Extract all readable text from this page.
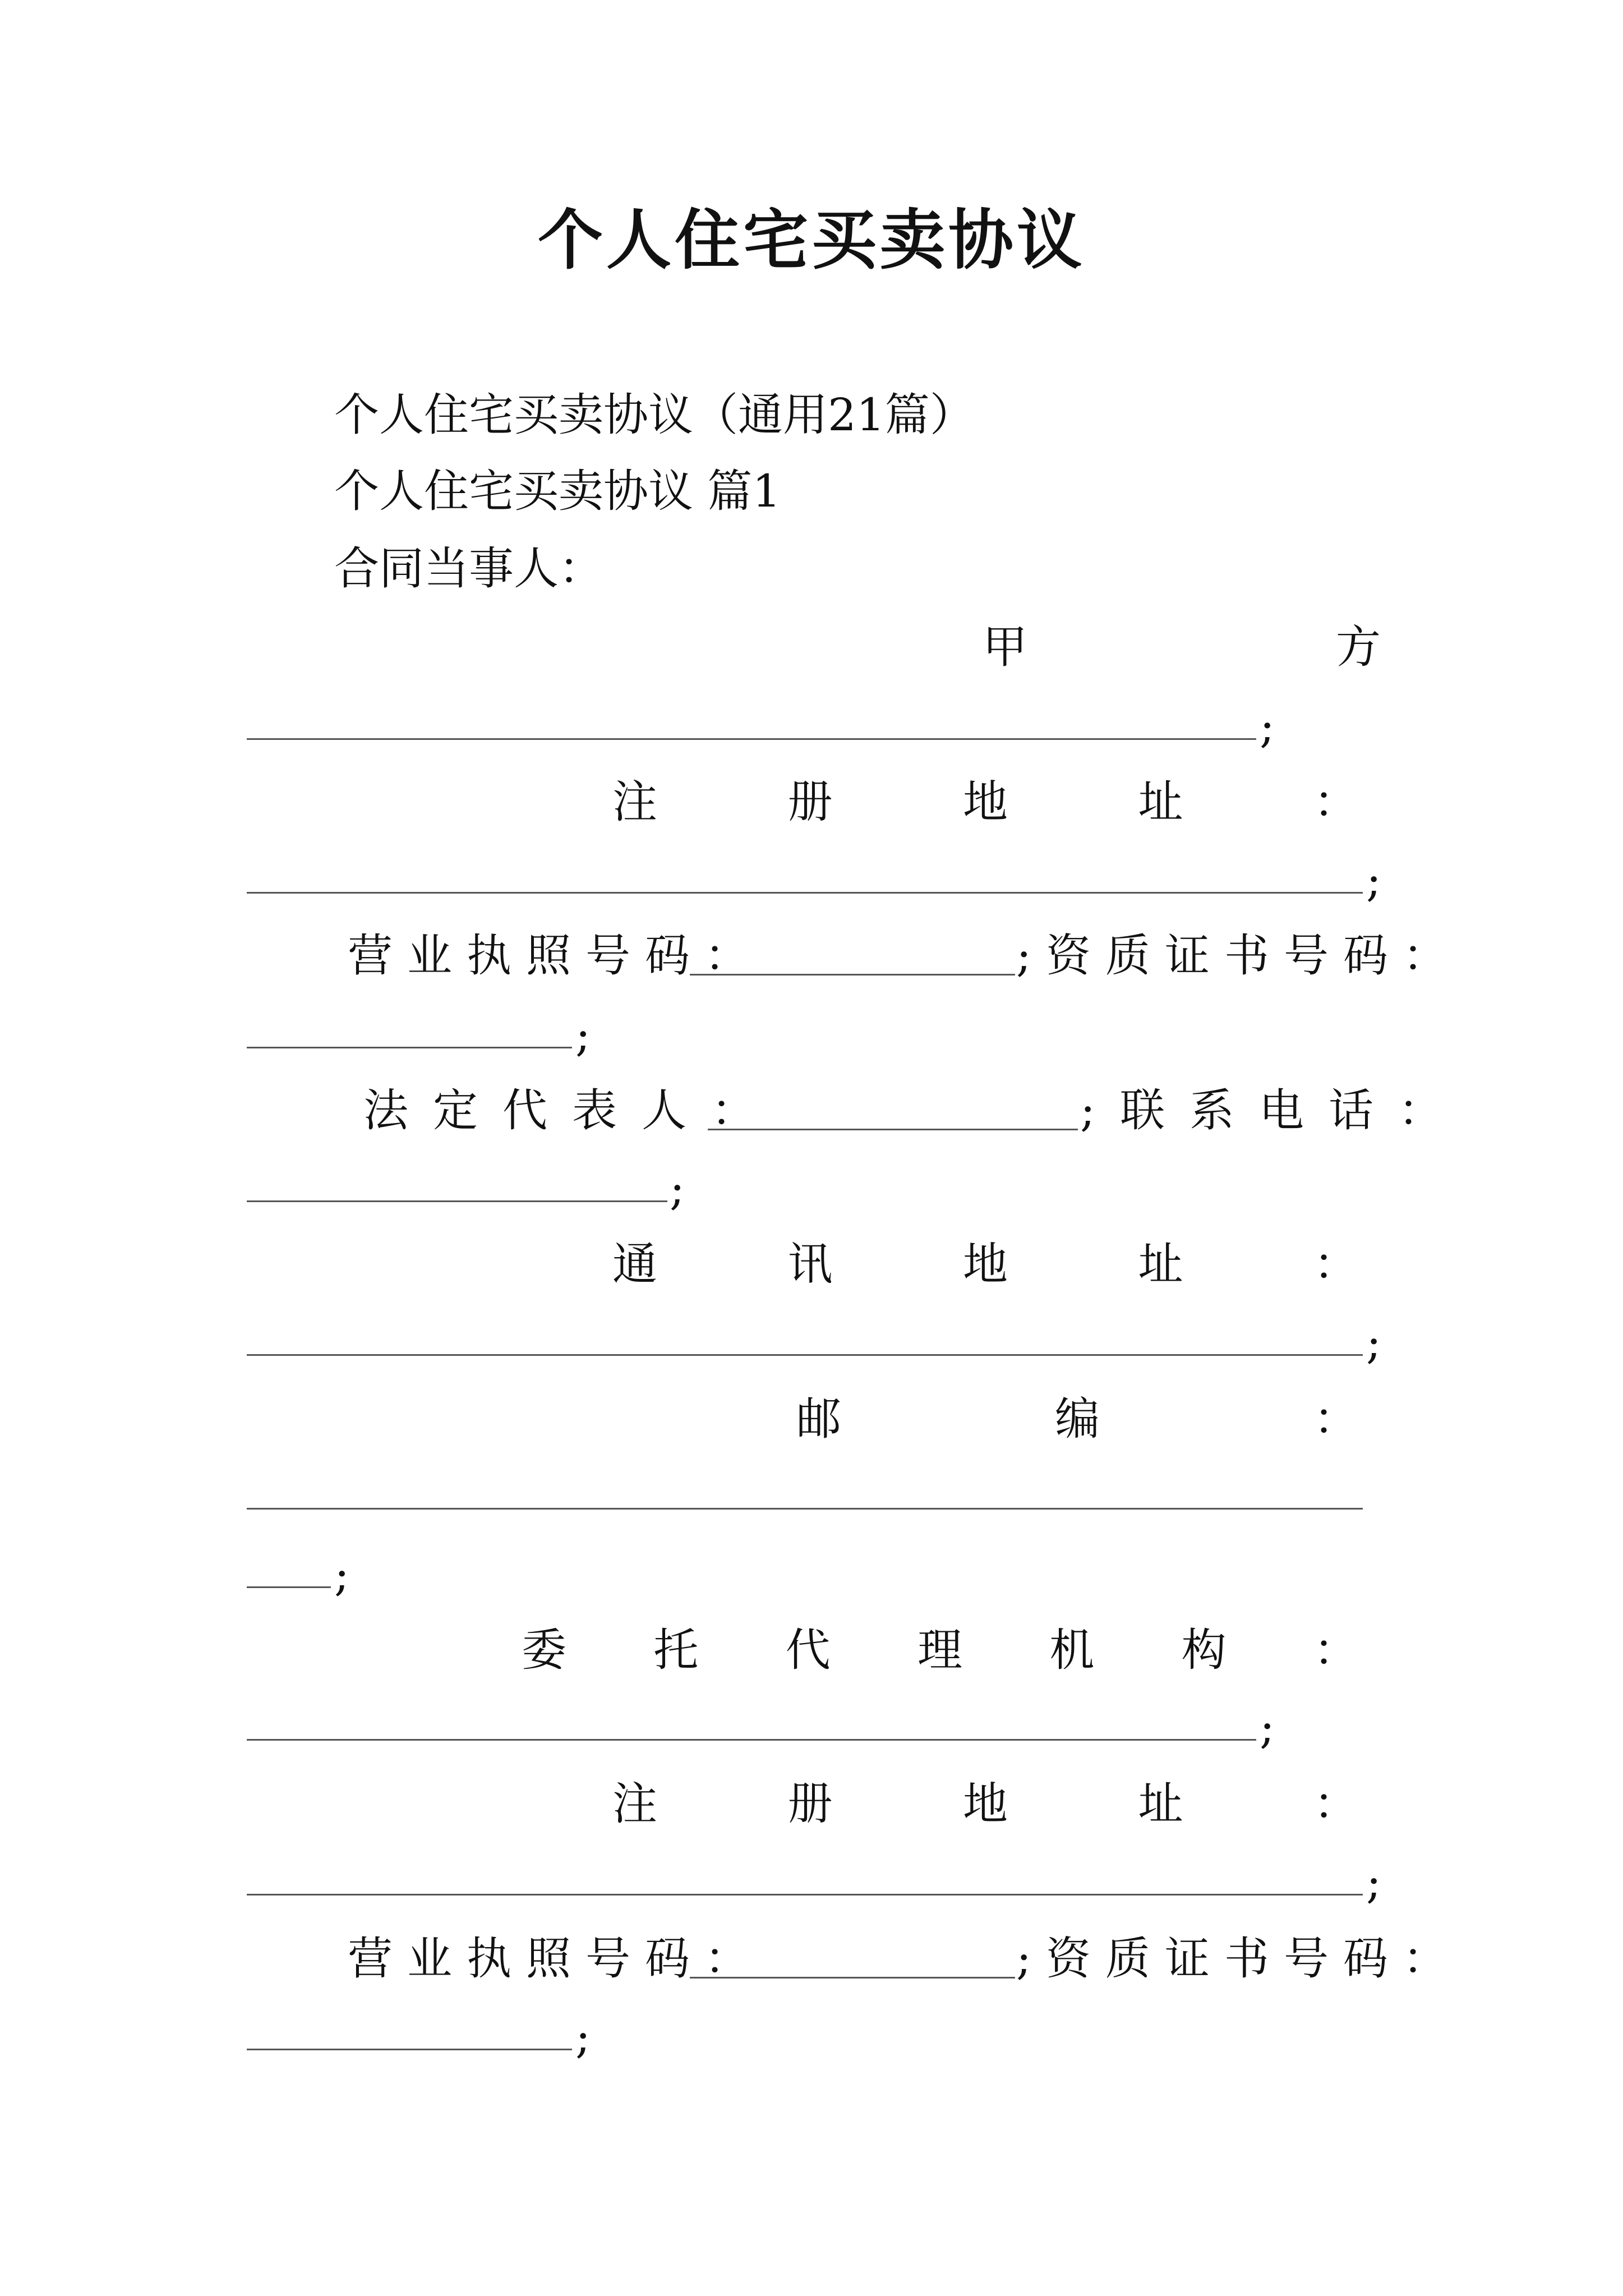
个人住宅买卖协议
个人住宅买卖协议（通用21篇）
个人住宅买卖协议 篇1
合同当事人：
甲	方
;
注	册	地	址	：
;
营业执照号码：	;资质证书号码：
;
法定代表人：	;联系电话：
;
通	讯	地	址	：
;
邮	编	：
;
委 托 代 理 机 构 ：
;
注	册	地	址	：
;
营业执照号码：	;资质证书号码：
;
